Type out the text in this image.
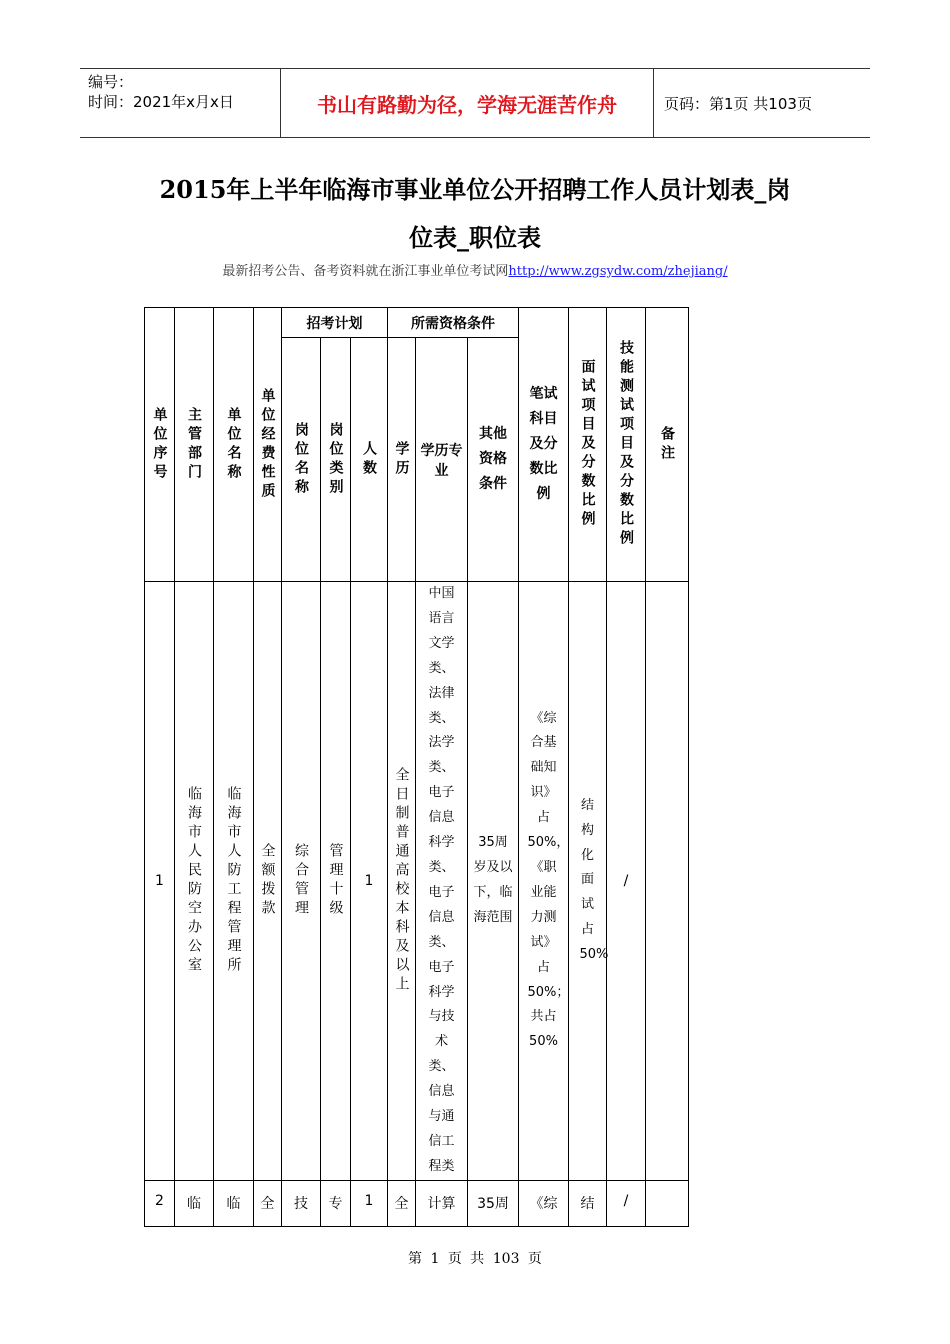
编号：
时间：2021年x月x日	书山有路勤为径，学海无涯苦作舟	页码：第1页 共103页
2015年上半年临海市事业单位公开招聘工作人员计划表_岗
位表_职位表
最新招考公告、备考资料就在浙江事业单位考试网http://www.zgsydw.com/zhejiang/
单位序号	主管部门	单位名称	单位经费性质	招考计划			所需资格条件			笔试科目及分数比例	面试项目及分数比例	技能测试项目及分数比例	备注

				岗位名称	岗位类别	人数	学历	学历专业	其他资格条件				

1	临海市人民防空办公室	临海市人防工程管理所	全额拨款	综合管理	管理十级	1	全日制普通高校本科及以上	中国语言文学类、法律类、法学类、电子信息科学类、电子信息类、电子科学与技术类、信息与通信工程类	35周岁及以下，临海范围	《综合基础知识》占50%，《职业能力测试》占50%；共占50%	结构化面试占50%	/	
2	临	临	全	技	专	1	全	计算	35周	《综	结	/	
第 1 页 共 103 页
